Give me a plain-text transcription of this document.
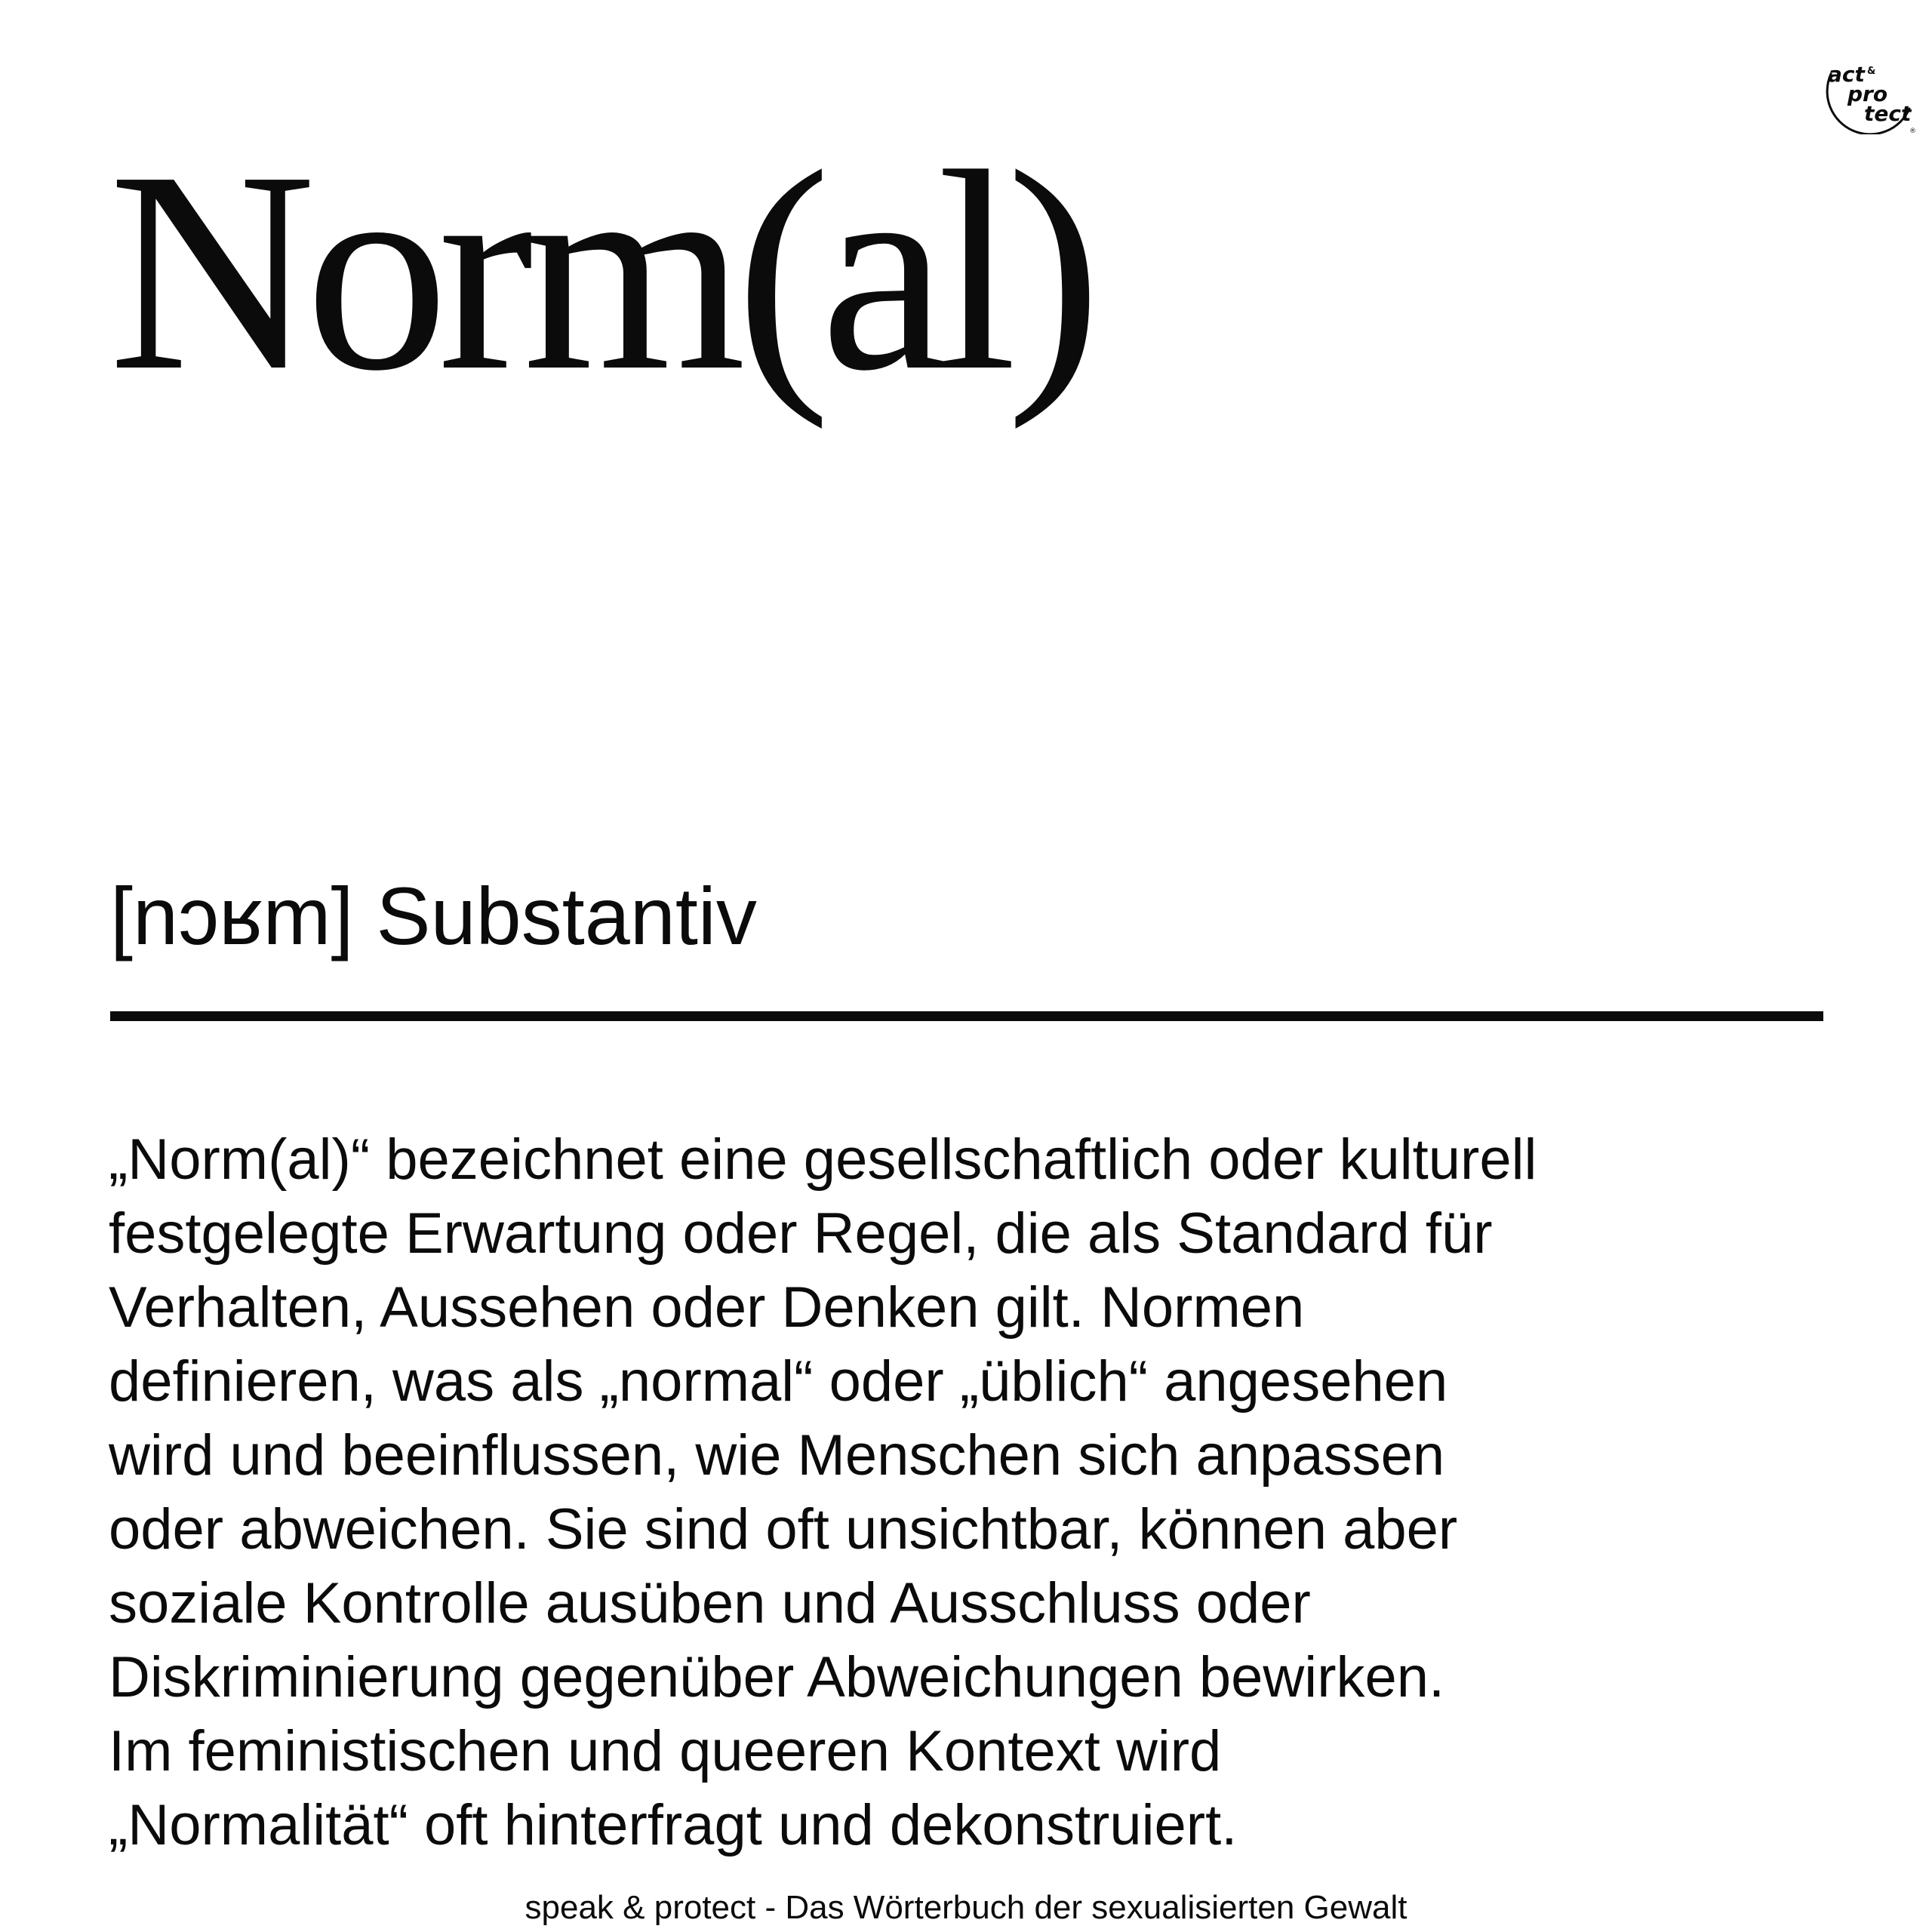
act &
pro
tect
®
Norm(al)
[nɔʁm] Substantiv

„Norm(al)“ bezeichnet eine gesellschaftlich oder kulturell
festgelegte Erwartung oder Regel, die als Standard für
Verhalten, Aussehen oder Denken gilt. Normen
definieren, was als „normal“ oder „üblich“ angesehen
wird und beeinflussen, wie Menschen sich anpassen
oder abweichen. Sie sind oft unsichtbar, können aber
soziale Kontrolle ausüben und Ausschluss oder
Diskriminierung gegenüber Abweichungen bewirken.
Im feministischen und queeren Kontext wird
„Normalität“ oft hinterfragt und dekonstruiert.

speak & protect - Das Wörterbuch der sexualisierten Gewalt
